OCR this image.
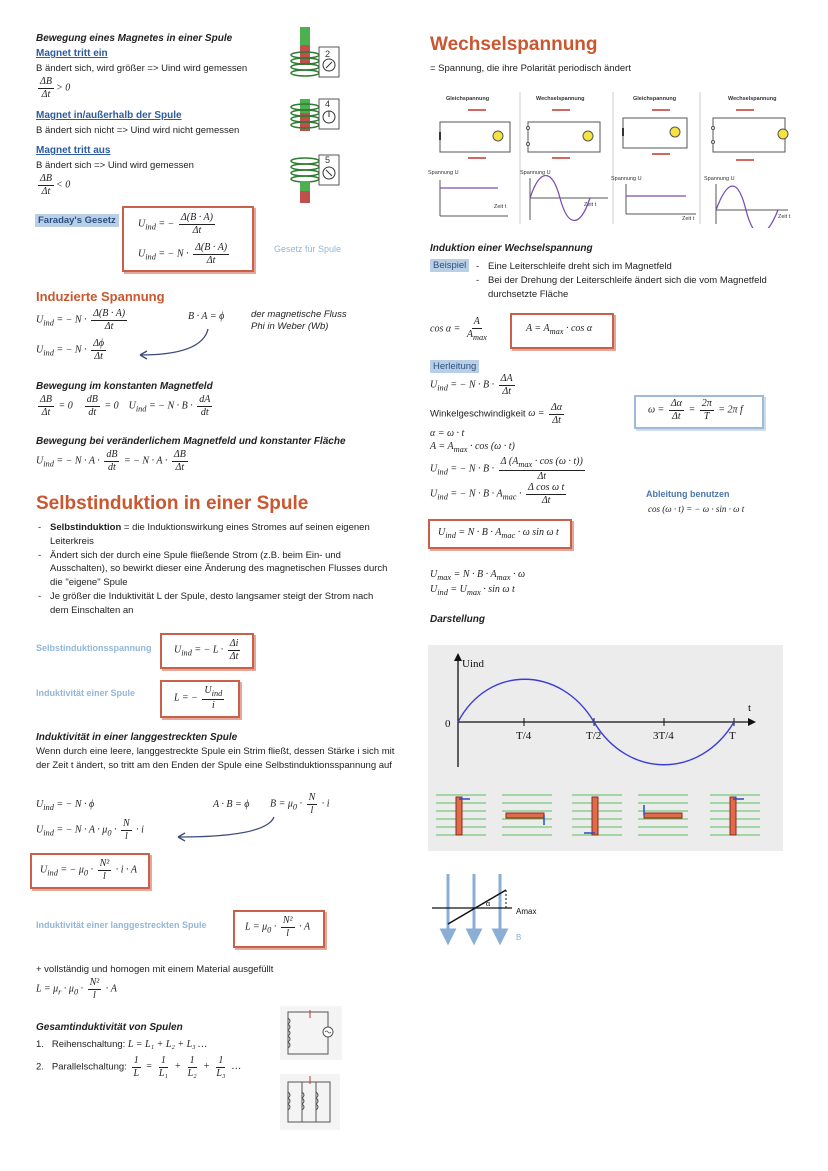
Bewegung eines Magnetes in einer Spule
Magnet tritt ein
B ändert sich, wird größer => Uind wird gemessen
$\frac{\Delta B}{\Delta t} > 0$
Magnet in/außerhalb der Spule
B ändert sich nicht => Uind wird nicht gemessen
Magnet tritt aus
B ändert sich => Uind wird gemessen
$\frac{\Delta B}{\Delta t} < 0$
2
4
5
Faraday's Gesetz	$U_{ind}$ = − $\frac{\Delta(B \cdot A)}{\Delta t}$
$U_{ind}$ = − $N \cdot \frac{\Delta(B \cdot A)}{\Delta t}$	Gesetz für Spule
Induzierte Spannung
$U_{ind}$ = − $N \cdot \frac{\Delta(B \cdot A)}{\Delta t}$	B · A = ϕ	der magnetische Fluss
Phi in Weber (Wb)
$U_{ind}$ = − $N \cdot \frac{\Delta\phi}{\Delta t}$
Bewegung im konstanten Magnetfeld
$\frac{\Delta B}{\Delta t} = 0 \frac{dB}{dt} = 0$    $U_{ind}$ = − $N \cdot B \cdot \frac{dA}{dt}$
Bewegung bei veränderlichem Magnetfeld und konstanter Fläche
$U_{ind}$ = − $N \cdot A \cdot \frac{dB}{dt}$ = − $N \cdot A \cdot \frac{\Delta B}{\Delta t}$
Selbstinduktion in einer Spule
- Selbstinduktion = die Induktionswirkung eines Stromes auf seinen eigenen Leiterkreis
- Ändert sich der durch eine Spule fließende Strom (z.B. beim Ein- und Ausschalten), so bewirkt dieser eine Änderung des magnetischen Flusses durch die "eigene" Spule
- Je größer die Induktivität L der Spule, desto langsamer steigt der Strom nach dem Einschalten an
Selbstinduktionsspannung $U_{ind}$ = − $L \cdot \frac{\Delta i}{\Delta t}$
Induktivität einer Spule	L = − $\frac{U_{ind}}{i}$
Induktivität in einer langgestreckten Spule
Wenn durch eine leere, langgestreckte Spule ein Strim fließt, dessen Stärke i sich mit der Zeit t ändert, so tritt am den Enden der Spule eine Selbstinduktionsspannung auf
$U_{ind}$ = − N · ϕ	A · B = ϕ $B = \mu_0 \cdot \frac{N}{l} \cdot i$
$U_{ind}$ = − $N \cdot A \cdot \mu_0 \cdot \frac{N}{l} \cdot i$
$U_{ind}$ = − $\mu_0 \cdot \frac{\text{N²}}{l} \cdot i \cdot A$
Induktivität einer langgestreckten Spule	$L = \mu_0 \cdot \frac{\text{N²}}{l} \cdot A$
+ vollständig und homogen mit einem Material ausgefüllt
$L = \mu_r \cdot \mu_0 \cdot \frac{\text{N²}}{l} \cdot A$
Gesamtinduktivität von Spulen
1. Reihenschaltung: L = L₁ + L₂ + L₃ …
2. Parallelschaltung: $\frac{1}{L} = \frac{1}{\text{L₁}} + \frac{1}{\text{L₂}} + \frac{1}{\text{L₃}}$ …
Wechselspannung
= Spannung, die ihre Polarität periodisch ändert
Gleichspannung	Wechselspannung	Gleichspannung	Wechselspannung
Spannung U
Zeit t
Spannung U
Zeit t
Spannung U
Zeit t
Spannung U
Zeit t
Induktion einer Wechselspannung
Beispiel
-	Eine Leiterschleife dreht sich im Magnetfeld
- Bei der Drehung der Leiterschleife ändert sich die vom Magnetfeld durchsetzte Fläche
$\cos \alpha = \frac{A}{A_{max}}$	$A = A_{max} \cdot \cos \alpha$
Herleitung
$U_{ind}$ = − $N \cdot B \cdot \frac{\Delta A}{\Delta t}$
Winkelgeschwindigkeit $\omega = \frac{\Delta\alpha}{\Delta t}$	$\omega = \frac{\Delta\alpha}{\Delta t} = \frac{2\pi}{T} = 2\pi$ f
α = ω · t
$A = A_{max} \cdot \cos (\omega \cdot t)$
$U_{ind}$ = − $N \cdot B \cdot \frac{\Delta (A_{max} \cdot \cos (\omega \cdot t))}{\Delta t}$
$U_{ind}$ = − $N \cdot B \cdot A_{mac} \cdot \frac{\text{Δ cos ω t}}{\Delta t}$	Ableitung benutzen
cos (ω · t) = − ω · sin · ω t
$U_{ind} = N \cdot B \cdot A_{mac} \cdot \omega$ sin ω t
$U_{max} = N \cdot B \cdot A_{max} \cdot \omega$
$U_{ind} = U_{max} \cdot \sin \omega$ t
Darstellung
Uind
t
0
T/4	T/2	3T/4	T
α
Amax
B
